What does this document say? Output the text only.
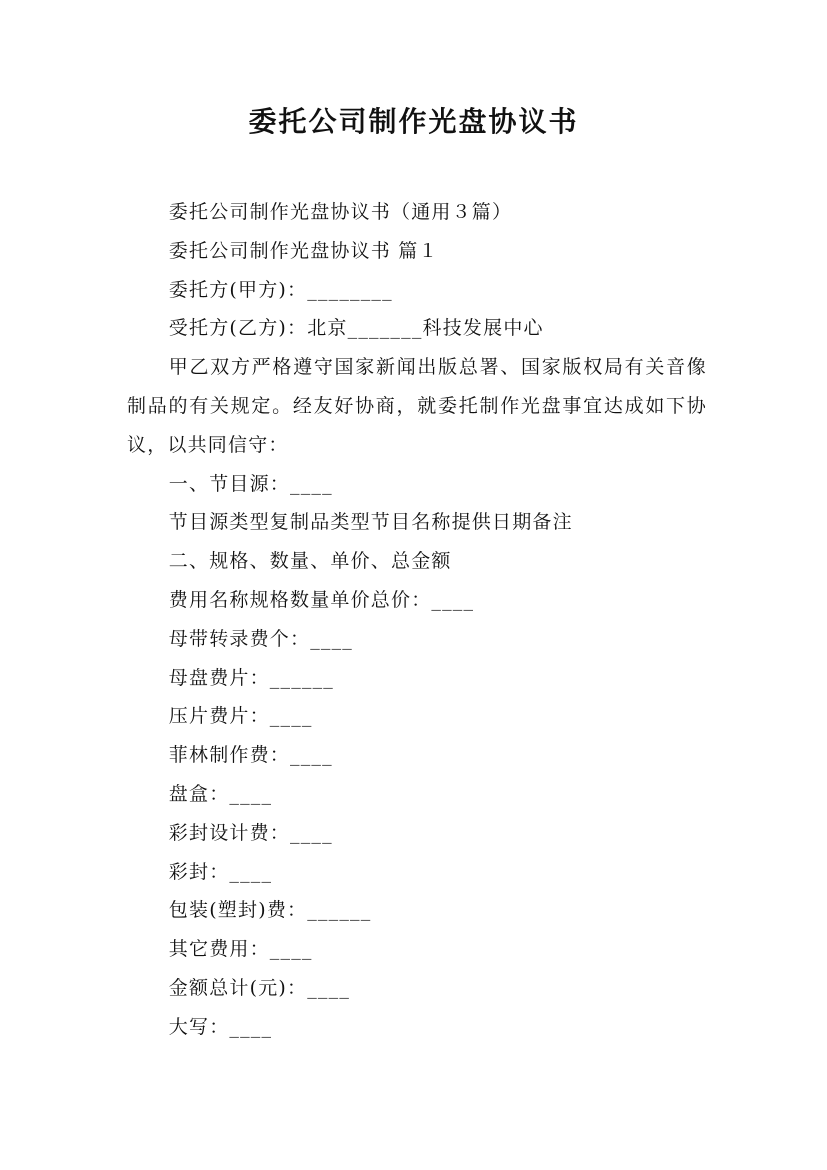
委托公司制作光盘协议书

委托公司制作光盘协议书（通用３篇）

委托公司制作光盘协议书 篇１

委托方(甲方)：________

受托方(乙方)：北京_______科技发展中心

甲乙双方严格遵守国家新闻出版总署、国家版权局有关音像制品的有关规定。经友好协商，就委托制作光盘事宜达成如下协议，以共同信守：

一、节目源：____

节目源类型复制品类型节目名称提供日期备注

二、规格、数量、单价、总金额

费用名称规格数量单价总价：____

母带转录费个：____

母盘费片：______

压片费片：____

菲林制作费：____

盘盒：____

彩封设计费：____

彩封：____

包装(塑封)费：______

其它费用：____

金额总计(元)：____

大写：____
